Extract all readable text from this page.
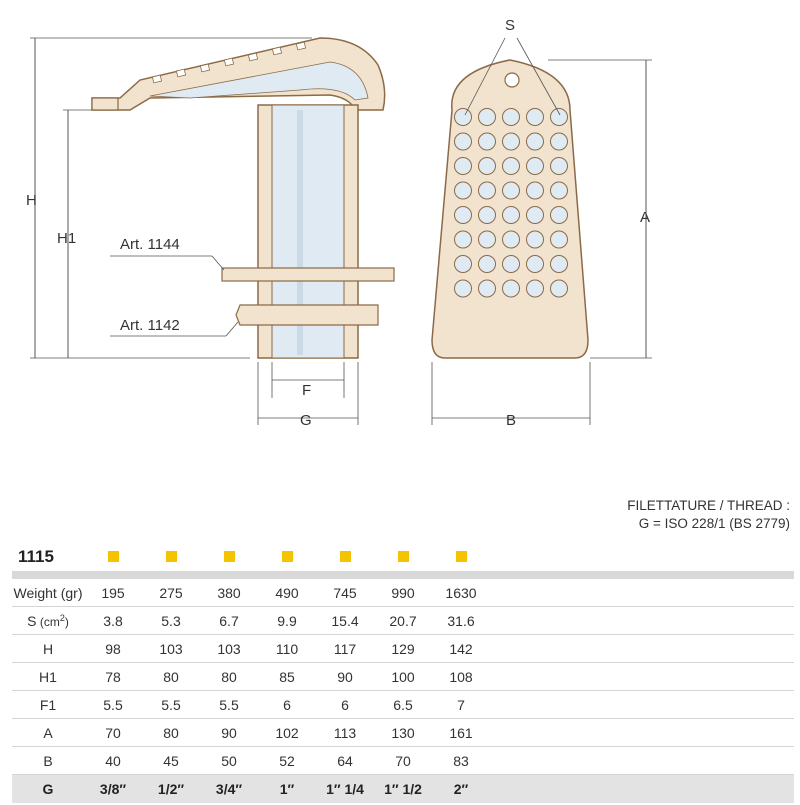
H
H1	Art. 1144
Art. 1142
F
G
S
A
B
FILETTATURE / THREAD :
G = ISO 228/1 (BS 2779)
1115								

Weight (gr)	195	275	380	490	745	990	1630	
S $(cm^2)$	3.8	5.3	6.7	9.9	15.4	20.7	31.6	
H	98	103	103	110	117	129	142	
H1	78	80	80	85	90	100	108	
F1	5.5	5.5	5.5	6	6	6.5	7	
A	70	80	90	102	113	130	161	
B	40	45	50	52	64	70	83	
G	3/8″	1/2″	3/4″	1″	1″ 1/4	1″ 1/2	2″	
